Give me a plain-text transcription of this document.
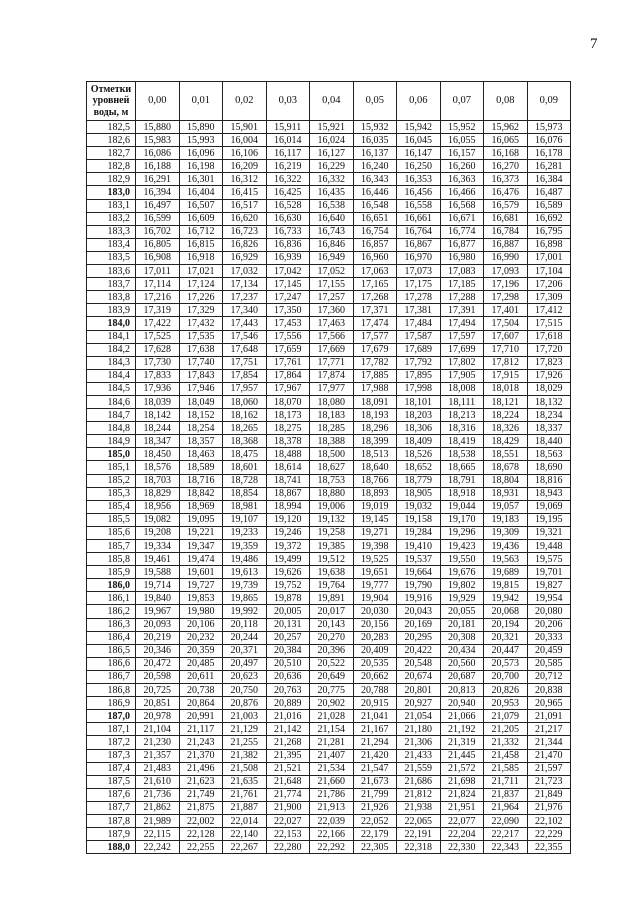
7
Отметки
уровней
воды, м	0,00	0,01	0,02	0,03	0,04	0,05	0,06	0,07	0,08	0,09
182,5	15,880	15,890	15,901	15,911	15,921	15,932	15,942	15,952	15,962	15,973
182,6	15,983	15,993	16,004	16,014	16,024	16,035	16,045	16,055	16,065	16,076
182,7	16,086	16,096	16,106	16,117	16,127	16,137	16,147	16,157	16,168	16,178
182,8	16,188	16,198	16,209	16,219	16,229	16,240	16,250	16,260	16,270	16,281
182,9	16,291	16,301	16,312	16,322	16,332	16,343	16,353	16,363	16,373	16,384
183,0	16,394	16,404	16,415	16,425	16,435	16,446	16,456	16,466	16,476	16,487
183,1	16,497	16,507	16,517	16,528	16,538	16,548	16,558	16,568	16,579	16,589
183,2	16,599	16,609	16,620	16,630	16,640	16,651	16,661	16,671	16,681	16,692
183,3	16,702	16,712	16,723	16,733	16,743	16,754	16,764	16,774	16,784	16,795
183,4	16,805	16,815	16,826	16,836	16,846	16,857	16,867	16,877	16,887	16,898
183,5	16,908	16,918	16,929	16,939	16,949	16,960	16,970	16,980	16,990	17,001
183,6	17,011	17,021	17,032	17,042	17,052	17,063	17,073	17,083	17,093	17,104
183,7	17,114	17,124	17,134	17,145	17,155	17,165	17,175	17,185	17,196	17,206
183,8	17,216	17,226	17,237	17,247	17,257	17,268	17,278	17,288	17,298	17,309
183,9	17,319	17,329	17,340	17,350	17,360	17,371	17,381	17,391	17,401	17,412
184,0	17,422	17,432	17,443	17,453	17,463	17,474	17,484	17,494	17,504	17,515
184,1	17,525	17,535	17,546	17,556	17,566	17,577	17,587	17,597	17,607	17,618
184,2	17,628	17,638	17,648	17,659	17,669	17,679	17,689	17,699	17,710	17,720
184,3	17,730	17,740	17,751	17,761	17,771	17,782	17,792	17,802	17,812	17,823
184,4	17,833	17,843	17,854	17,864	17,874	17,885	17,895	17,905	17,915	17,926
184,5	17,936	17,946	17,957	17,967	17,977	17,988	17,998	18,008	18,018	18,029
184,6	18,039	18,049	18,060	18,070	18,080	18,091	18,101	18,111	18,121	18,132
184,7	18,142	18,152	18,162	18,173	18,183	18,193	18,203	18,213	18,224	18,234
184,8	18,244	18,254	18,265	18,275	18,285	18,296	18,306	18,316	18,326	18,337
184,9	18,347	18,357	18,368	18,378	18,388	18,399	18,409	18,419	18,429	18,440
185,0	18,450	18,463	18,475	18,488	18,500	18,513	18,526	18,538	18,551	18,563
185,1	18,576	18,589	18,601	18,614	18,627	18,640	18,652	18,665	18,678	18,690
185,2	18,703	18,716	18,728	18,741	18,753	18,766	18,779	18,791	18,804	18,816
185,3	18,829	18,842	18,854	18,867	18,880	18,893	18,905	18,918	18,931	18,943
185,4	18,956	18,969	18,981	18,994	19,006	19,019	19,032	19,044	19,057	19,069
185,5	19,082	19,095	19,107	19,120	19,132	19,145	19,158	19,170	19,183	19,195
185,6	19,208	19,221	19,233	19,246	19,258	19,271	19,284	19,296	19,309	19,321
185,7	19,334	19,347	19,359	19,372	19,385	19,398	19,410	19,423	19,436	19,448
185,8	19,461	19,474	19,486	19,499	19,512	19,525	19,537	19,550	19,563	19,575
185,9	19,588	19,601	19,613	19,626	19,638	19,651	19,664	19,676	19,689	19,701
186,0	19,714	19,727	19,739	19,752	19,764	19,777	19,790	19,802	19,815	19,827
186,1	19,840	19,853	19,865	19,878	19,891	19,904	19,916	19,929	19,942	19,954
186,2	19,967	19,980	19,992	20,005	20,017	20,030	20,043	20,055	20,068	20,080
186,3	20,093	20,106	20,118	20,131	20,143	20,156	20,169	20,181	20,194	20,206
186,4	20,219	20,232	20,244	20,257	20,270	20,283	20,295	20,308	20,321	20,333
186,5	20,346	20,359	20,371	20,384	20,396	20,409	20,422	20,434	20,447	20,459
186,6	20,472	20,485	20,497	20,510	20,522	20,535	20,548	20,560	20,573	20,585
186,7	20,598	20,611	20,623	20,636	20,649	20,662	20,674	20,687	20,700	20,712
186,8	20,725	20,738	20,750	20,763	20,775	20,788	20,801	20,813	20,826	20,838
186,9	20,851	20,864	20,876	20,889	20,902	20,915	20,927	20,940	20,953	20,965
187,0	20,978	20,991	21,003	21,016	21,028	21,041	21,054	21,066	21,079	21,091
187,1	21,104	21,117	21,129	21,142	21,154	21,167	21,180	21,192	21,205	21,217
187,2	21,230	21,243	21,255	21,268	21,281	21,294	21,306	21,319	21,332	21,344
187,3	21,357	21,370	21,382	21,395	21,407	21,420	21,433	21,445	21,458	21,470
187,4	21,483	21,496	21,508	21,521	21,534	21,547	21,559	21,572	21,585	21,597
187,5	21,610	21,623	21,635	21,648	21,660	21,673	21,686	21,698	21,711	21,723
187,6	21,736	21,749	21,761	21,774	21,786	21,799	21,812	21,824	21,837	21,849
187,7	21,862	21,875	21,887	21,900	21,913	21,926	21,938	21,951	21,964	21,976
187,8	21,989	22,002	22,014	22,027	22,039	22,052	22,065	22,077	22,090	22,102
187,9	22,115	22,128	22,140	22,153	22,166	22,179	22,191	22,204	22,217	22,229
188,0	22,242	22,255	22,267	22,280	22,292	22,305	22,318	22,330	22,343	22,355
